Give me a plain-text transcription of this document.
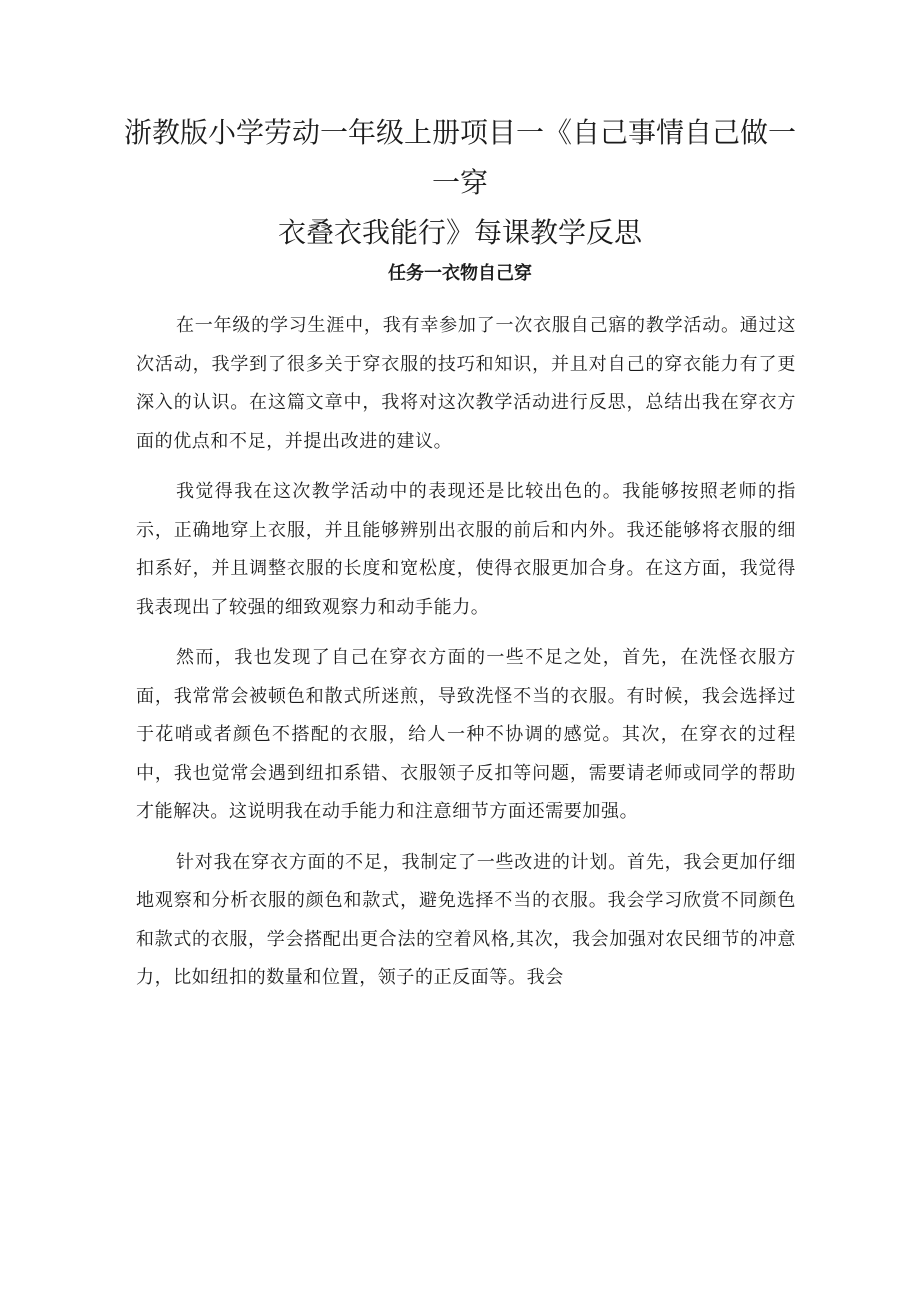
浙教版小学劳动一年级上册项目一《自己事情自己做一一穿
衣叠衣我能行》每课教学反思
任务一衣物自己穿

在一年级的学习生涯中，我有幸参加了一次衣服自己寤的教学活动。通过这次活动，我学到了很多关于穿衣服的技巧和知识，并且对自己的穿衣能力有了更深入的认识。在这篇文章中，我将对这次教学活动进行反思，总结出我在穿衣方面的优点和不足，并提出改进的建议。

我觉得我在这次教学活动中的表现还是比较出色的。我能够按照老师的指示，正确地穿上衣服，并且能够辨别出衣服的前后和内外。我还能够将衣服的细扣系好，并且调整衣服的长度和宽松度，使得衣服更加合身。在这方面，我觉得我表现出了较强的细致观察力和动手能力。

然而，我也发现了自己在穿衣方面的一些不足之处，首先，在洗怪衣服方面，我常常会被顿色和散式所迷煎，导致洗怪不当的衣服。有时候，我会选择过于花哨或者颜色不搭配的衣服，给人一种不协调的感觉。其次，在穿衣的过程中，我也觉常会遇到纽扣系错、衣服领子反扣等问题，需要请老师或同学的帮助才能解决。这说明我在动手能力和注意细节方面还需要加强。

针对我在穿衣方面的不足，我制定了一些改进的计划。首先，我会更加仔细地观察和分析衣服的颜色和款式，避免选择不当的衣服。我会学习欣赏不同颜色和款式的衣服，学会搭配出更合法的空着风格,其次，我会加强对农民细节的冲意力，比如纽扣的数量和位置，领子的正反面等。我会
